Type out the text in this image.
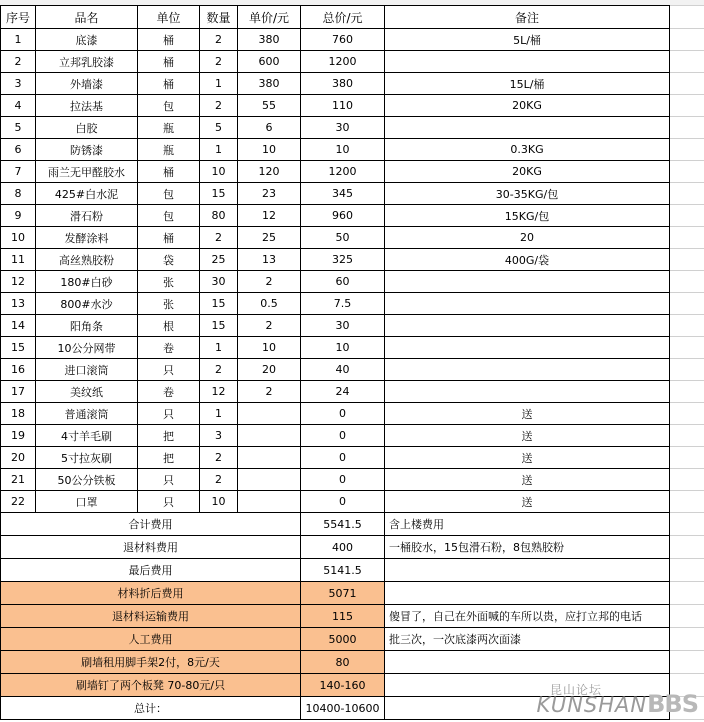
序号	品名	单位	数量	单价/元	总价/元	备注	
1	底漆	桶	2	380	760	5L/桶	
2	立邦乳胶漆	桶	2	600	1200		
3	外墙漆	桶	1	380	380	15L/桶	
4	拉法基	包	2	55	110	20KG	
5	白胶	瓶	5	6	30		
6	防锈漆	瓶	1	10	10	0.3KG	
7	雨兰无甲醛胶水	桶	10	120	1200	20KG	
8	425#白水泥	包	15	23	345	30-35KG/包	
9	滑石粉	包	80	12	960	15KG/包	
10	发酵涂料	桶	2	25	50	20	
11	高丝熟胶粉	袋	25	13	325	400G/袋	
12	180#白砂	张	30	2	60		
13	800#水沙	张	15	0.5	7.5		
14	阳角条	根	15	2	30		
15	10公分网带	卷	1	10	10		
16	进口滚筒	只	2	20	40		
17	美纹纸	卷	12	2	24		
18	普通滚筒	只	1		0	送	
19	4寸羊毛刷	把	3		0	送	
20	5寸拉灰刷	把	2		0	送	
21	50公分铁板	只	2		0	送	
22	口罩	只	10		0	送	
合计费用					5541.5	含上楼费用	
退材料费用					400	一桶胶水，15包滑石粉，8包熟胶粉	
最后费用					5141.5		
材料折后费用					5071		
退材料运输费用					115	傻冒了，自己在外面喊的车所以贵，应打立邦的电话	
人工费用					5000	批三次，一次底漆两次面漆	
刷墙租用脚手架2付，8元/天					80		
刷墙钉了两个板凳 70-80元/只					140-160		
总计：					10400-10600		
昆山论坛
KUNSHANBBS
